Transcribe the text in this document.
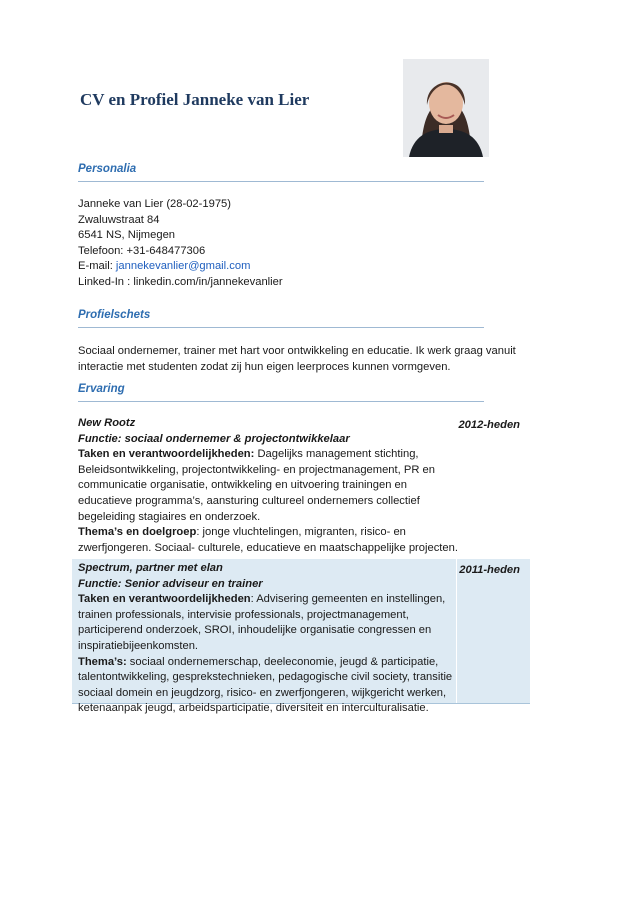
CV en Profiel Janneke van Lier
Personalia
Janneke van Lier (28-02-1975)
Zwaluwstraat 84
6541 NS, Nijmegen
Telefoon: +31-648477306
E-mail: jannekevanlier@gmail.com
Linked-In : linkedin.com/in/jannekevanlier
Profielschets
Sociaal ondernemer, trainer met hart voor ontwikkeling en educatie. Ik werk graag vanuit
interactie met studenten zodat zij hun eigen leerproces kunnen vormgeven.
Ervaring
New Rootz
Functie: sociaal ondernemer & projectontwikkelaar
Taken en verantwoordelijkheden: Dagelijks management stichting,
Beleidsontwikkeling, projectontwikkeling- en projectmanagement, PR en
communicatie organisatie, ontwikkeling en uitvoering trainingen en
educatieve programma’s, aansturing cultureel ondernemers collectief
begeleiding stagiaires en onderzoek.
Thema’s en doelgroep: jonge vluchtelingen, migranten, risico- en
zwerfjongeren. Sociaal- culturele, educatieve en maatschappelijke projecten.
2012-heden
Spectrum, partner met elan
Functie: Senior adviseur en trainer
Taken en verantwoordelijkheden: Advisering gemeenten en instellingen,
trainen professionals, intervisie professionals, projectmanagement,
participerend onderzoek, SROI, inhoudelijke organisatie congressen en
inspiratiebijeenkomsten.
Thema’s: sociaal ondernemerschap, deeleconomie, jeugd & participatie,
talentontwikkeling, gesprekstechnieken, pedagogische civil society, transitie
sociaal domein en jeugdzorg, risico- en zwerfjongeren, wijkgericht werken,
ketenaanpak jeugd, arbeidsparticipatie, diversiteit en interculturalisatie.
2011-heden
